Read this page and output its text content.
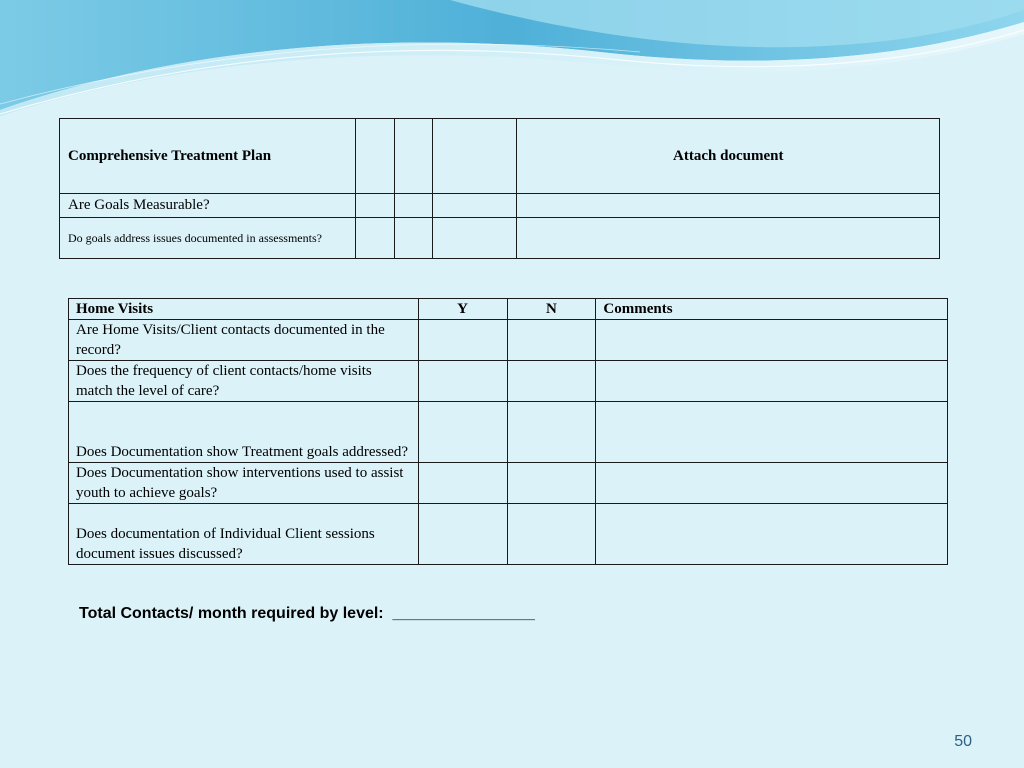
Comprehensive Treatment Plan				Attach document
Are Goals Measurable?				
Do goals address issues documented in assessments?				
Home Visits	Y	N	Comments
Are Home Visits/Client contacts documented in the record?			
Does the frequency of client contacts/home visits match the level of care?			
Does Documentation show Treatment goals addressed?			
Does Documentation show interventions used to assist youth to achieve goals?			
Does documentation of Individual Client sessions document issues discussed?			
Total Contacts/ month required by level:  ________________
50
